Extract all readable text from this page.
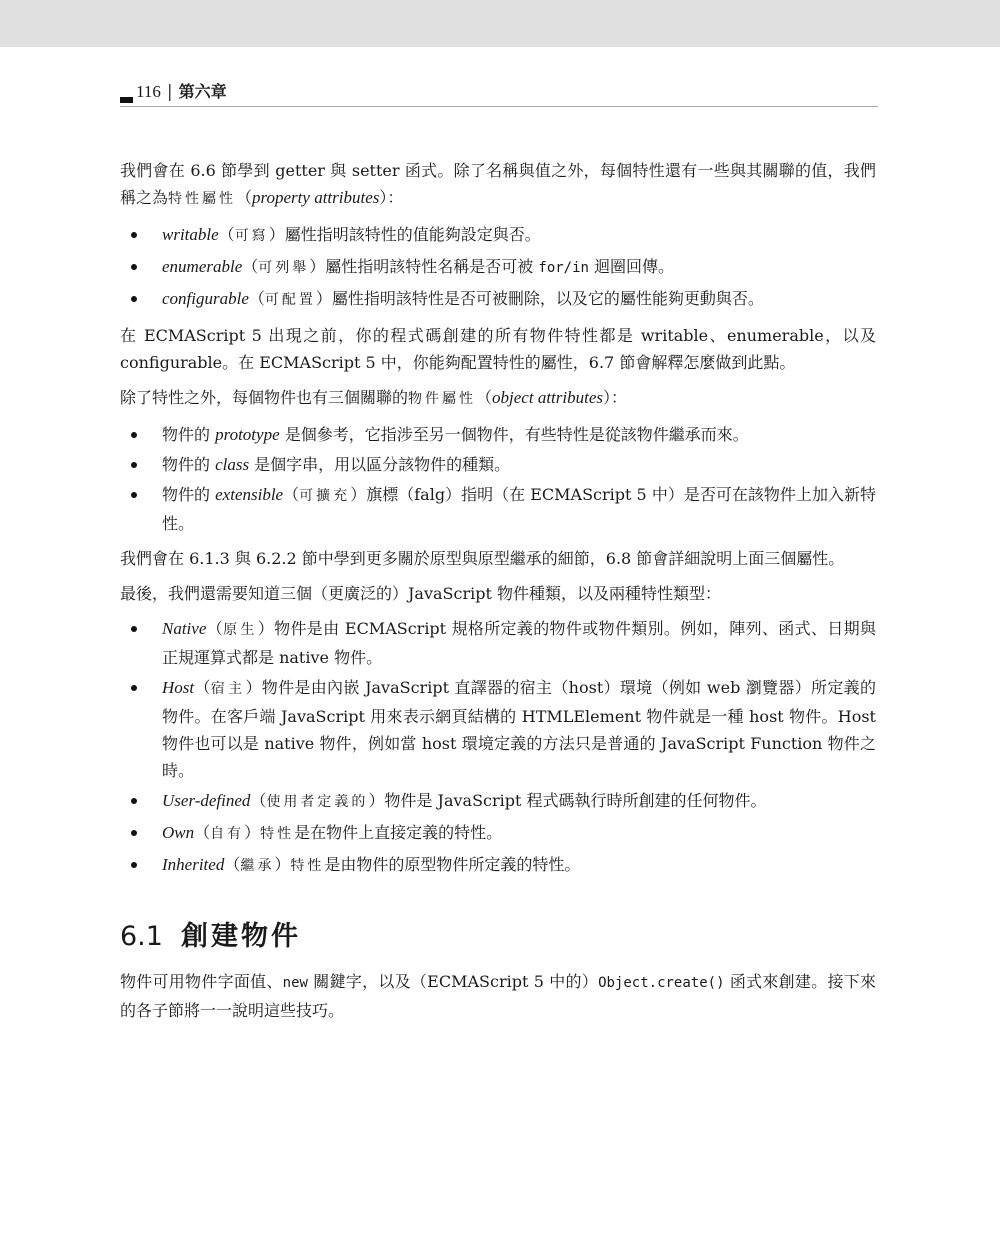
116 | 第六章

我們會在 6.6 節學到 getter 與 setter 函式。除了名稱與值之外，每個特性還有一些與其關聯的值，我們稱之為特性屬性（property attributes）：

writable（可寫）屬性指明該特性的值能夠設定與否。
enumerable（可列舉）屬性指明該特性名稱是否可被 for/in 迴圈回傳。
configurable（可配置）屬性指明該特性是否可被刪除，以及它的屬性能夠更動與否。

在 ECMAScript 5 出現之前，你的程式碼創建的所有物件特性都是 writable、enumerable，以及 configurable。在 ECMAScript 5 中，你能夠配置特性的屬性，6.7 節會解釋怎麼做到此點。

除了特性之外，每個物件也有三個關聯的物件屬性（object attributes）：

物件的 prototype 是個參考，它指涉至另一個物件，有些特性是從該物件繼承而來。
物件的 class 是個字串，用以區分該物件的種類。
物件的 extensible（可擴充）旗標（falg）指明（在 ECMAScript 5 中）是否可在該物件上加入新特性。

我們會在 6.1.3 與 6.2.2 節中學到更多關於原型與原型繼承的細節，6.8 節會詳細說明上面三個屬性。

最後，我們還需要知道三個（更廣泛的）JavaScript 物件種類，以及兩種特性類型：

Native（原生）物件是由 ECMAScript 規格所定義的物件或物件類別。例如，陣列、函式、日期與正規運算式都是 native 物件。
Host（宿主）物件是由內嵌 JavaScript 直譯器的宿主（host）環境（例如 web 瀏覽器）所定義的物件。在客戶端 JavaScript 用來表示網頁結構的 HTMLElement 物件就是一種 host 物件。Host 物件也可以是 native 物件，例如當 host 環境定義的方法只是普通的 JavaScript Function 物件之時。
User-defined（使用者定義的）物件是 JavaScript 程式碼執行時所創建的任何物件。
Own（自有）特性是在物件上直接定義的特性。
Inherited（繼承）特性是由物件的原型物件所定義的特性。
6.1 創建物件

物件可用物件字面值、new 關鍵字，以及（ECMAScript 5 中的）Object.create() 函式來創建。接下來的各子節將一一說明這些技巧。
